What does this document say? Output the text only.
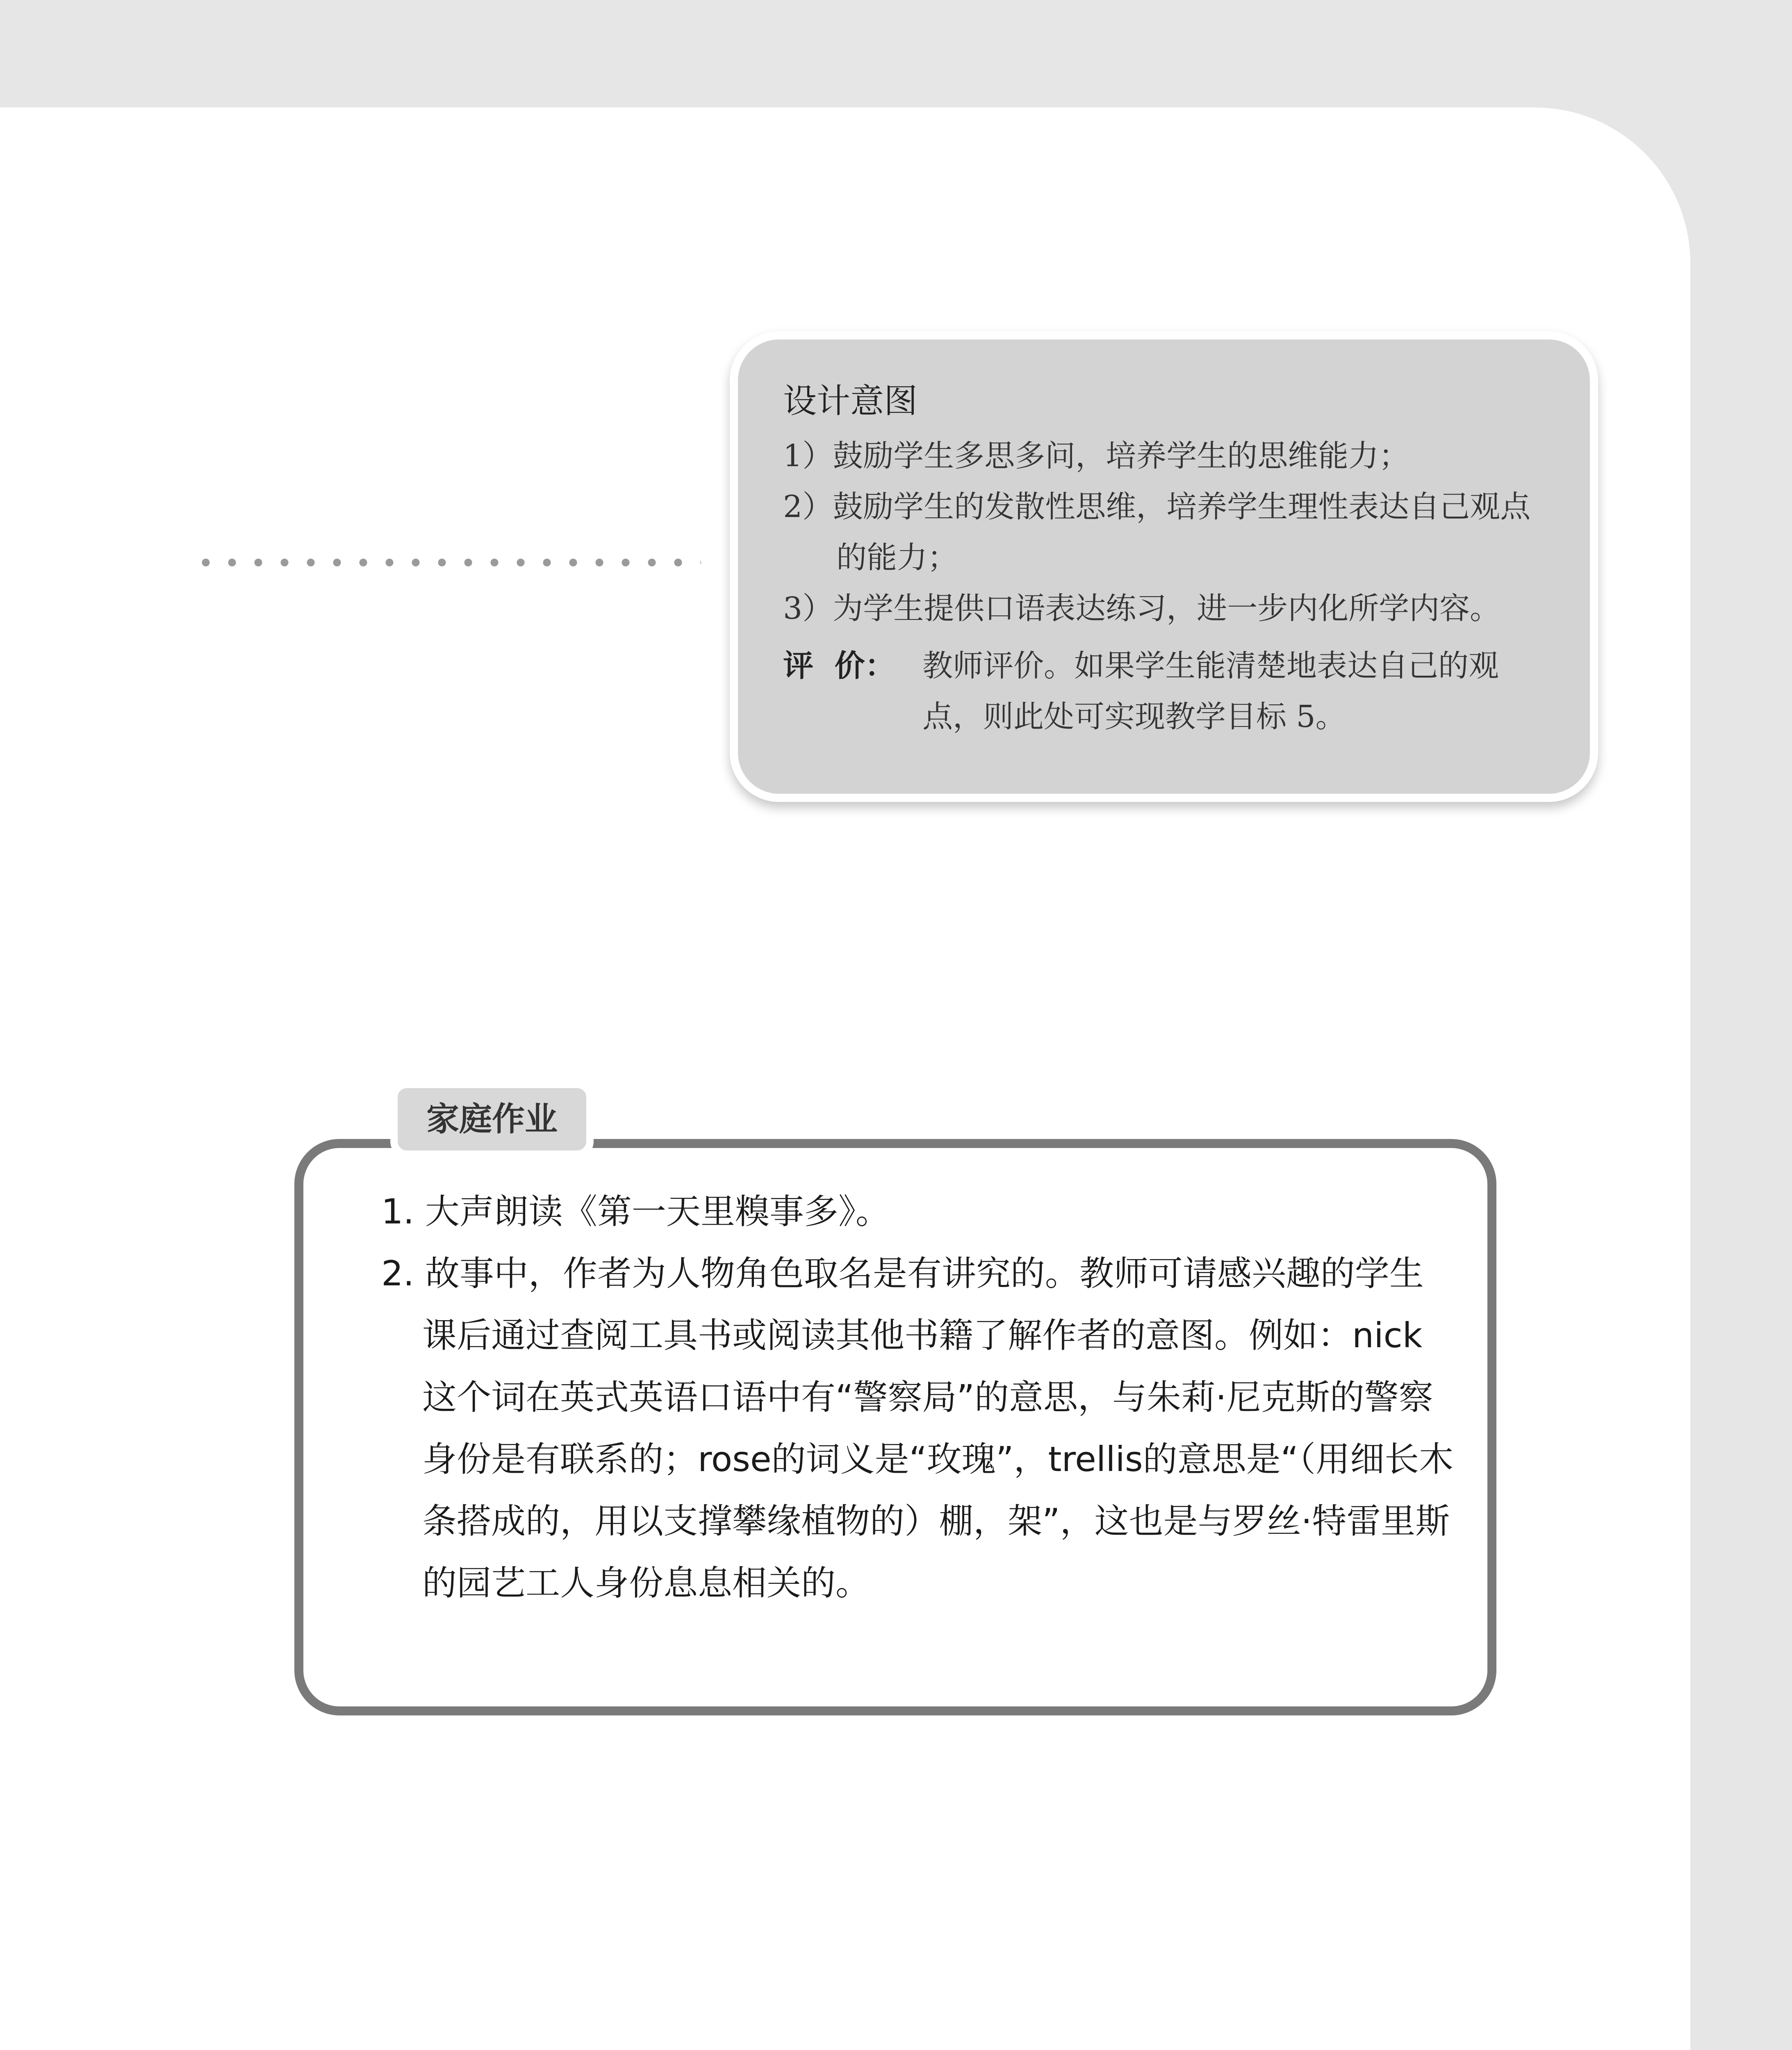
设计意图
1）鼓励学生多思多问，培养学生的思维能力；
2）鼓励学生的发散性思维，培养学生理性表达自己观点的能力；
3）为学生提供口语表达练习，进一步内化所学内容。
评  价： 教师评价。如果学生能清楚地表达自己的观点，则此处可实现教学目标 5。
家庭作业
1. 大声朗读《第一天里糗事多》。
2. 故事中，作者为人物角色取名是有讲究的。教师可请感兴趣的学生课后通过查阅工具书或阅读其他书籍了解作者的意图。例如：nick这个词在英式英语口语中有“警察局”的意思，与朱莉·尼克斯的警察身份是有联系的；rose的词义是“玫瑰”，trellis的意思是“（用细长木条搭成的，用以支撑攀缘植物的）棚，架”，这也是与罗丝·特雷里斯的园艺工人身份息息相关的。
